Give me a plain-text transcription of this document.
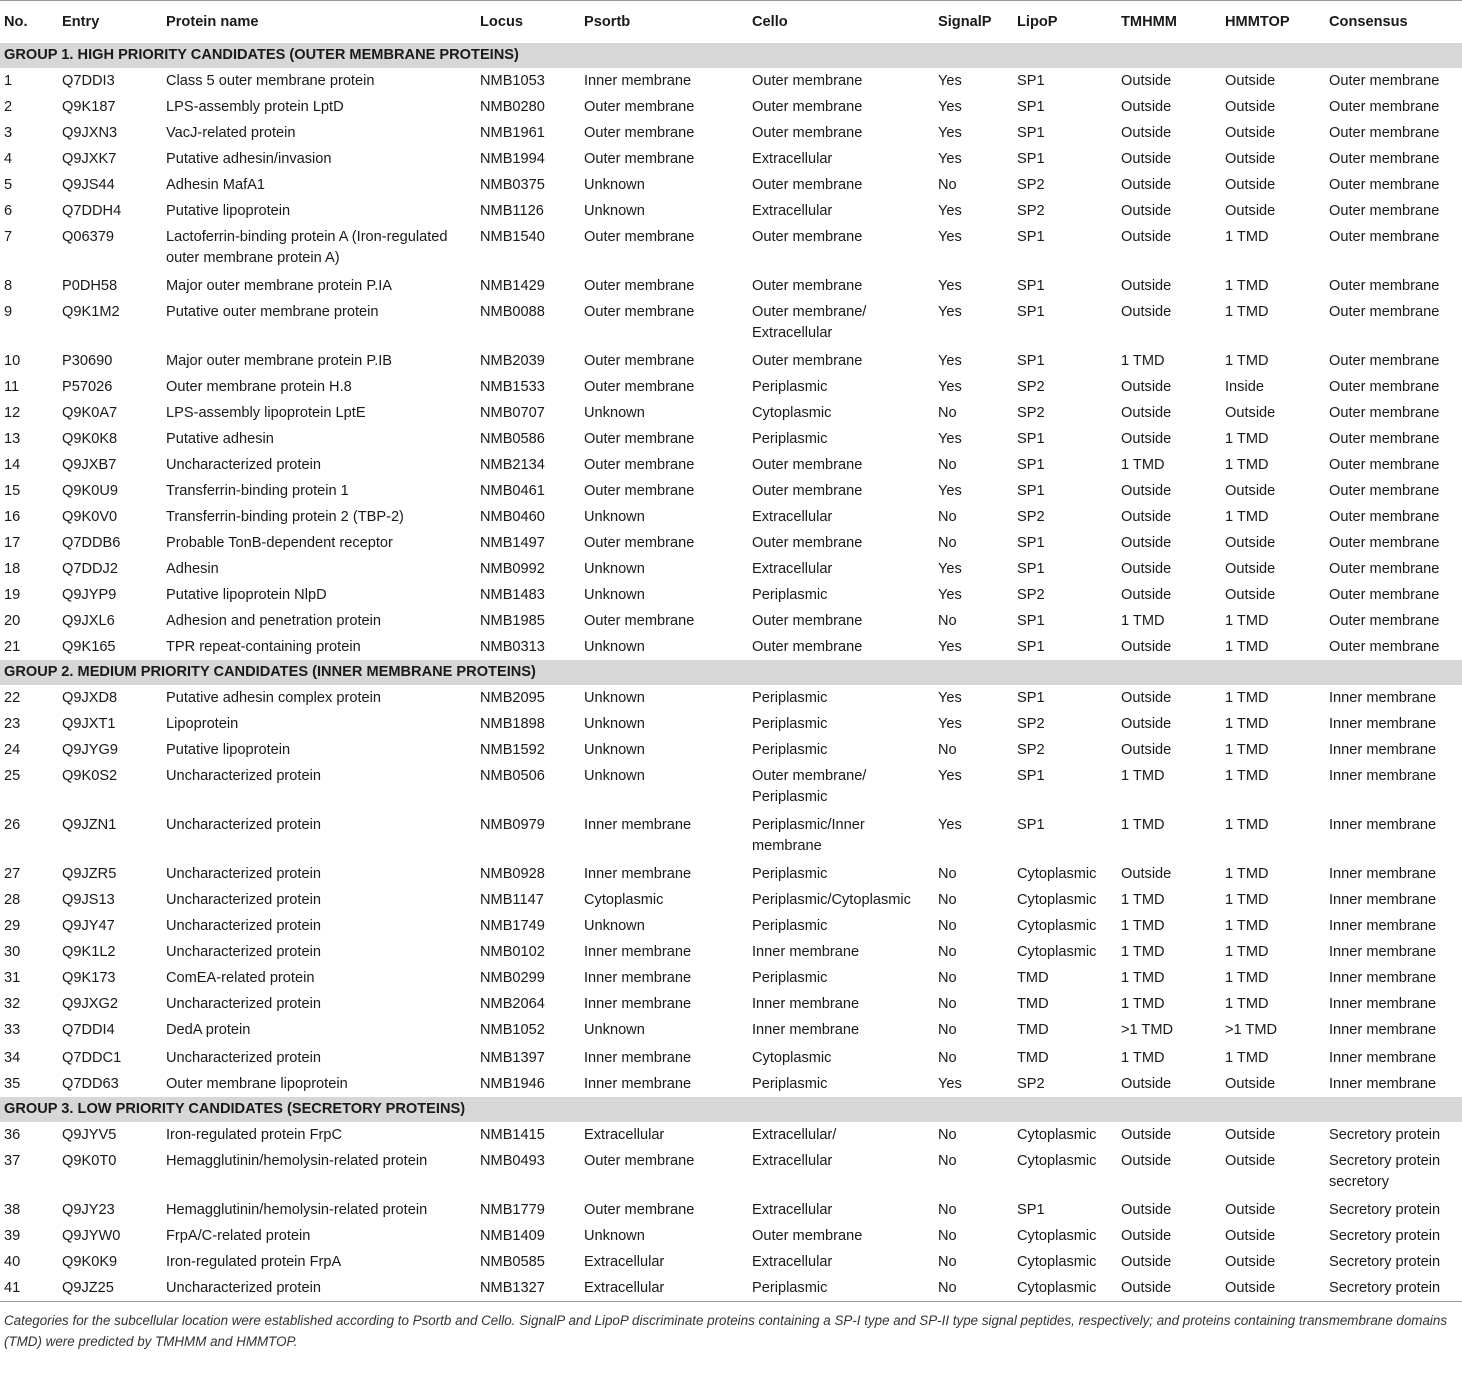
No.	Entry	Protein name	Locus	Psortb	Cello	SignalP	LipoP	TMHMM	HMMTOP	Consensus
GROUP 1. HIGH PRIORITY CANDIDATES (OUTER MEMBRANE PROTEINS)										
1	Q7DDI3	Class 5 outer membrane protein	NMB1053	Inner membrane	Outer membrane	Yes	SP1	Outside	Outside	Outer membrane
2	Q9K187	LPS-assembly protein LptD	NMB0280	Outer membrane	Outer membrane	Yes	SP1	Outside	Outside	Outer membrane
3	Q9JXN3	VacJ-related protein	NMB1961	Outer membrane	Outer membrane	Yes	SP1	Outside	Outside	Outer membrane
4	Q9JXK7	Putative adhesin/invasion	NMB1994	Outer membrane	Extracellular	Yes	SP1	Outside	Outside	Outer membrane
5	Q9JS44	Adhesin MafA1	NMB0375	Unknown	Outer membrane	No	SP2	Outside	Outside	Outer membrane
6	Q7DDH4	Putative lipoprotein	NMB1126	Unknown	Extracellular	Yes	SP2	Outside	Outside	Outer membrane
7	Q06379	Lactoferrin-binding protein A (Iron-regulated outer membrane protein A)	NMB1540	Outer membrane	Outer membrane	Yes	SP1	Outside	1 TMD	Outer membrane
8	P0DH58	Major outer membrane protein P.IA	NMB1429	Outer membrane	Outer membrane	Yes	SP1	Outside	1 TMD	Outer membrane
9	Q9K1M2	Putative outer membrane protein	NMB0088	Outer membrane	Outer membrane/ Extracellular	Yes	SP1	Outside	1 TMD	Outer membrane
10	P30690	Major outer membrane protein P.IB	NMB2039	Outer membrane	Outer membrane	Yes	SP1	1 TMD	1 TMD	Outer membrane
11	P57026	Outer membrane protein H.8	NMB1533	Outer membrane	Periplasmic	Yes	SP2	Outside	Inside	Outer membrane
12	Q9K0A7	LPS-assembly lipoprotein LptE	NMB0707	Unknown	Cytoplasmic	No	SP2	Outside	Outside	Outer membrane
13	Q9K0K8	Putative adhesin	NMB0586	Outer membrane	Periplasmic	Yes	SP1	Outside	1 TMD	Outer membrane
14	Q9JXB7	Uncharacterized protein	NMB2134	Outer membrane	Outer membrane	No	SP1	1 TMD	1 TMD	Outer membrane
15	Q9K0U9	Transferrin-binding protein 1	NMB0461	Outer membrane	Outer membrane	Yes	SP1	Outside	Outside	Outer membrane
16	Q9K0V0	Transferrin-binding protein 2 (TBP-2)	NMB0460	Unknown	Extracellular	No	SP2	Outside	1 TMD	Outer membrane
17	Q7DDB6	Probable TonB-dependent receptor	NMB1497	Outer membrane	Outer membrane	No	SP1	Outside	Outside	Outer membrane
18	Q7DDJ2	Adhesin	NMB0992	Unknown	Extracellular	Yes	SP1	Outside	Outside	Outer membrane
19	Q9JYP9	Putative lipoprotein NlpD	NMB1483	Unknown	Periplasmic	Yes	SP2	Outside	Outside	Outer membrane
20	Q9JXL6	Adhesion and penetration protein	NMB1985	Outer membrane	Outer membrane	No	SP1	1 TMD	1 TMD	Outer membrane
21	Q9K165	TPR repeat-containing protein	NMB0313	Unknown	Outer membrane	Yes	SP1	Outside	1 TMD	Outer membrane
GROUP 2. MEDIUM PRIORITY CANDIDATES (INNER MEMBRANE PROTEINS)										
22	Q9JXD8	Putative adhesin complex protein	NMB2095	Unknown	Periplasmic	Yes	SP1	Outside	1 TMD	Inner membrane
23	Q9JXT1	Lipoprotein	NMB1898	Unknown	Periplasmic	Yes	SP2	Outside	1 TMD	Inner membrane
24	Q9JYG9	Putative lipoprotein	NMB1592	Unknown	Periplasmic	No	SP2	Outside	1 TMD	Inner membrane
25	Q9K0S2	Uncharacterized protein	NMB0506	Unknown	Outer membrane/ Periplasmic	Yes	SP1	1 TMD	1 TMD	Inner membrane
26	Q9JZN1	Uncharacterized protein	NMB0979	Inner membrane	Periplasmic/Inner membrane	Yes	SP1	1 TMD	1 TMD	Inner membrane
27	Q9JZR5	Uncharacterized protein	NMB0928	Inner membrane	Periplasmic	No	Cytoplasmic	Outside	1 TMD	Inner membrane
28	Q9JS13	Uncharacterized protein	NMB1147	Cytoplasmic	Periplasmic/Cytoplasmic	No	Cytoplasmic	1 TMD	1 TMD	Inner membrane
29	Q9JY47	Uncharacterized protein	NMB1749	Unknown	Periplasmic	No	Cytoplasmic	1 TMD	1 TMD	Inner membrane
30	Q9K1L2	Uncharacterized protein	NMB0102	Inner membrane	Inner membrane	No	Cytoplasmic	1 TMD	1 TMD	Inner membrane
31	Q9K173	ComEA-related protein	NMB0299	Inner membrane	Periplasmic	No	TMD	1 TMD	1 TMD	Inner membrane
32	Q9JXG2	Uncharacterized protein	NMB2064	Inner membrane	Inner membrane	No	TMD	1 TMD	1 TMD	Inner membrane
33	Q7DDI4	DedA protein	NMB1052	Unknown	Inner membrane	No	TMD	>1 TMD	>1 TMD	Inner membrane
34	Q7DDC1	Uncharacterized protein	NMB1397	Inner membrane	Cytoplasmic	No	TMD	1 TMD	1 TMD	Inner membrane
35	Q7DD63	Outer membrane lipoprotein	NMB1946	Inner membrane	Periplasmic	Yes	SP2	Outside	Outside	Inner membrane
GROUP 3. LOW PRIORITY CANDIDATES (SECRETORY PROTEINS)										
36	Q9JYV5	Iron-regulated protein FrpC	NMB1415	Extracellular	Extracellular/	No	Cytoplasmic	Outside	Outside	Secretory protein
37	Q9K0T0	Hemagglutinin/hemolysin-related protein	NMB0493	Outer membrane	Extracellular	No	Cytoplasmic	Outside	Outside	Secretory protein secretory
38	Q9JY23	Hemagglutinin/hemolysin-related protein	NMB1779	Outer membrane	Extracellular	No	SP1	Outside	Outside	Secretory protein
39	Q9JYW0	FrpA/C-related protein	NMB1409	Unknown	Outer membrane	No	Cytoplasmic	Outside	Outside	Secretory protein
40	Q9K0K9	Iron-regulated protein FrpA	NMB0585	Extracellular	Extracellular	No	Cytoplasmic	Outside	Outside	Secretory protein
41	Q9JZ25	Uncharacterized protein	NMB1327	Extracellular	Periplasmic	No	Cytoplasmic	Outside	Outside	Secretory protein
Categories for the subcellular location were established according to Psortb and Cello. SignalP and LipoP discriminate proteins containing a SP-I type and SP-II type signal peptides, respectively; and proteins containing transmembrane domains (TMD) were predicted by TMHMM and HMMTOP.
